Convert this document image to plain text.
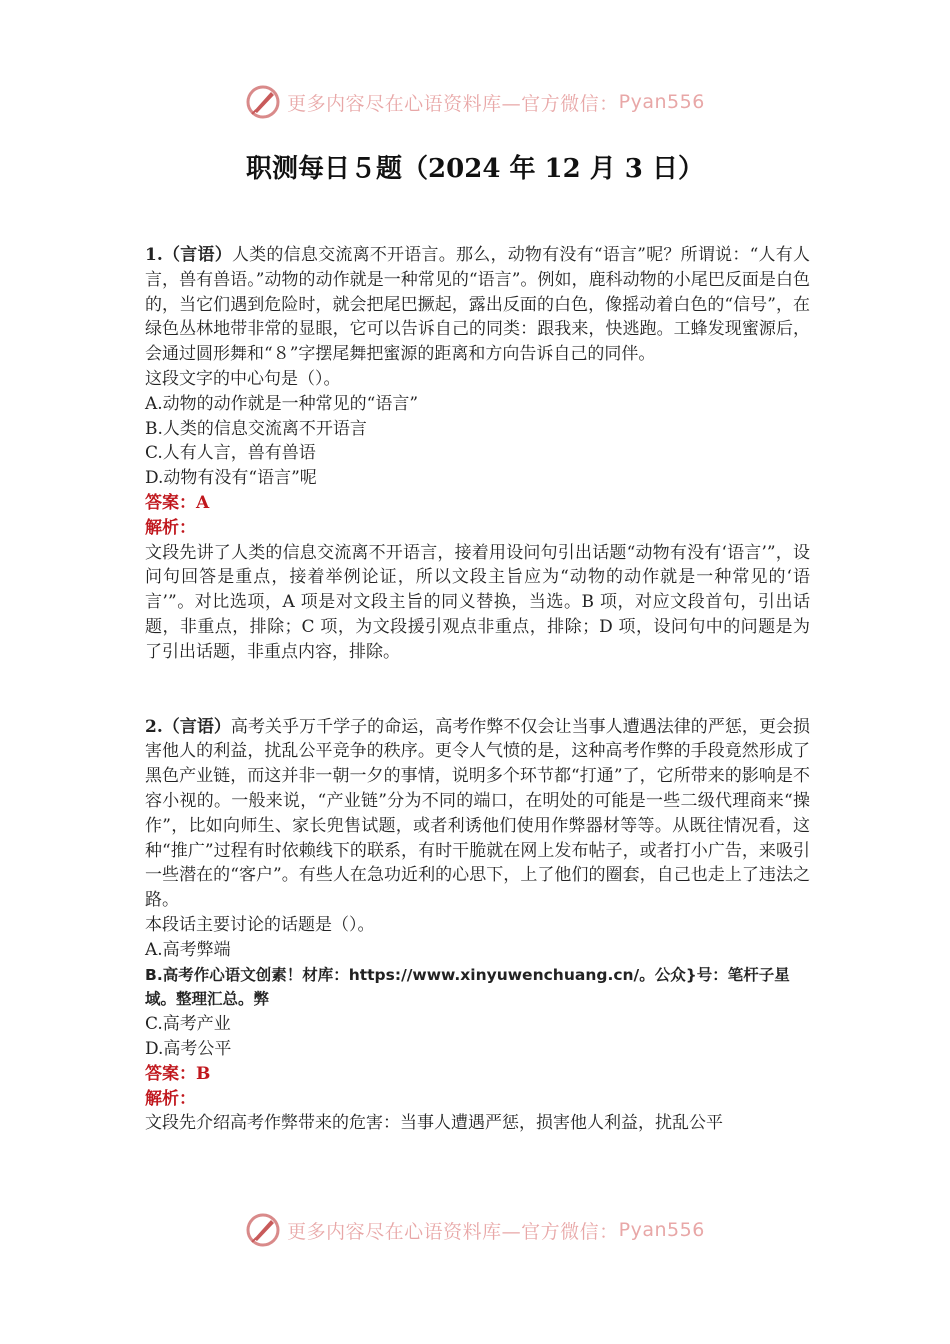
更多内容尽在心语资料库—官方微信： Pyan556
职测每日５题（2024 年 12 月 3 日）

1.（言语）人类的信息交流离不开语言。那么，动物有没有“语言”呢？所谓说：“人有人言，兽有兽语。”动物的动作就是一种常见的“语言”。例如，鹿科动物的小尾巴反面是白色的，当它们遇到危险时，就会把尾巴撅起，露出反面的白色，像摇动着白色的“信号”，在绿色丛林地带非常的显眼，它可以告诉自己的同类：跟我来，快逃跑。工蜂发现蜜源后，会通过圆形舞和“８”字摆尾舞把蜜源的距离和方向告诉自己的同伴。

这段文字的中心句是（）。

A.动物的动作就是一种常见的“语言”

B.人类的信息交流离不开语言

C.人有人言，兽有兽语

D.动物有没有“语言”呢

答案：A

解析：

文段先讲了人类的信息交流离不开语言，接着用设问句引出话题“动物有没有‘语言’”，设问句回答是重点，接着举例论证，所以文段主旨应为“动物的动作就是一种常见的‘语言’”。对比选项，A 项是对文段主旨的同义替换，当选。B 项，对应文段首句，引出话题，非重点，排除；C 项，为文段援引观点非重点，排除；D 项，设问句中的问题是为了引出话题，非重点内容，排除。

2.（言语）高考关乎万千学子的命运，高考作弊不仅会让当事人遭遇法律的严惩，更会损害他人的利益，扰乱公平竞争的秩序。更令人气愤的是，这种高考作弊的手段竟然形成了黑色产业链，而这并非一朝一夕的事情，说明多个环节都“打通”了，它所带来的影响是不容小视的。一般来说，“产业链”分为不同的端口，在明处的可能是一些二级代理商来“操作”，比如向师生、家长兜售试题，或者利诱他们使用作弊器材等等。从既往情况看，这种“推广”过程有时依赖线下的联系，有时干脆就在网上发布帖子，或者打小广告，来吸引一些潜在的“客户”。有些人在急功近利的心思下，上了他们的圈套，自己也走上了违法之路。

本段话主要讨论的话题是（）。

A.高考弊端

B.高考作心语文创素！材库：https://www.xinyuwenchuang.cn/。公众}号：笔杆子星

域。整理汇总。弊

C.高考产业

D.高考公平

答案：B

解析：

文段先介绍高考作弊带来的危害：当事人遭遇严惩，损害他人利益，扰乱公平

更多内容尽在心语资料库—官方微信： Pyan556
